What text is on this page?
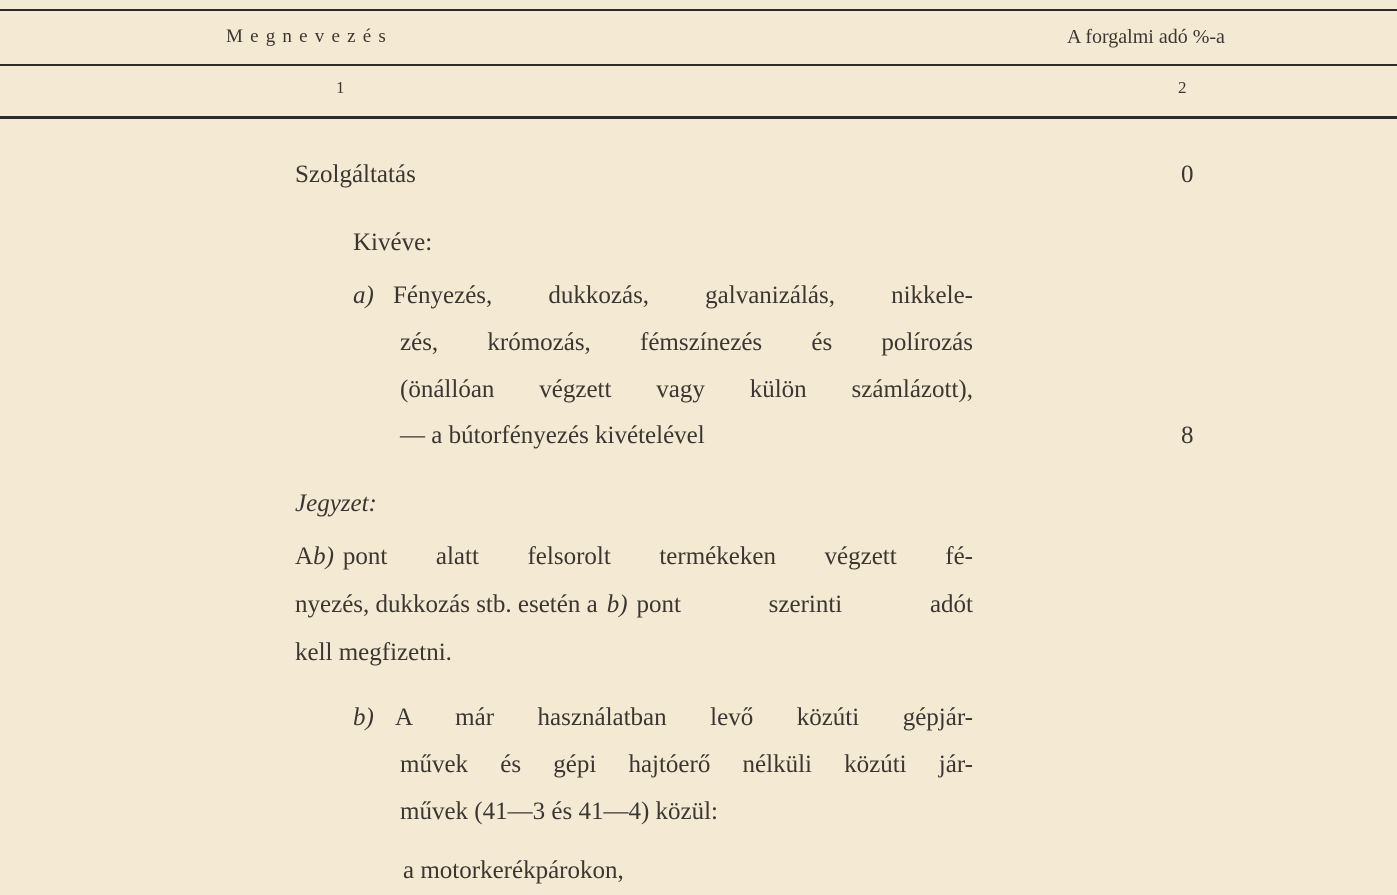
Megnevezés	A forgalmi adó %-a
1	2
Szolgáltatás	0
Kivéve:
a) Fényezés, dukkozás, galvanizálás, nikkele-
zés, krómozás, fémszínezés és polírozás
(önállóan végzett vagy külön számlázott),
— a bútorfényezés kivételével	8
Jegyzet:
A b) pont alatt felsorolt termékeken végzett fé-
nyezés, dukkozás stb. esetén a b) pont szerinti adót
kell megfizetni.
b) A már használatban levő közúti gépjár-
művek és gépi hajtóerő nélküli közúti jár-
művek (41—3 és 41—4) közül:
a motorkerékpárokon,
